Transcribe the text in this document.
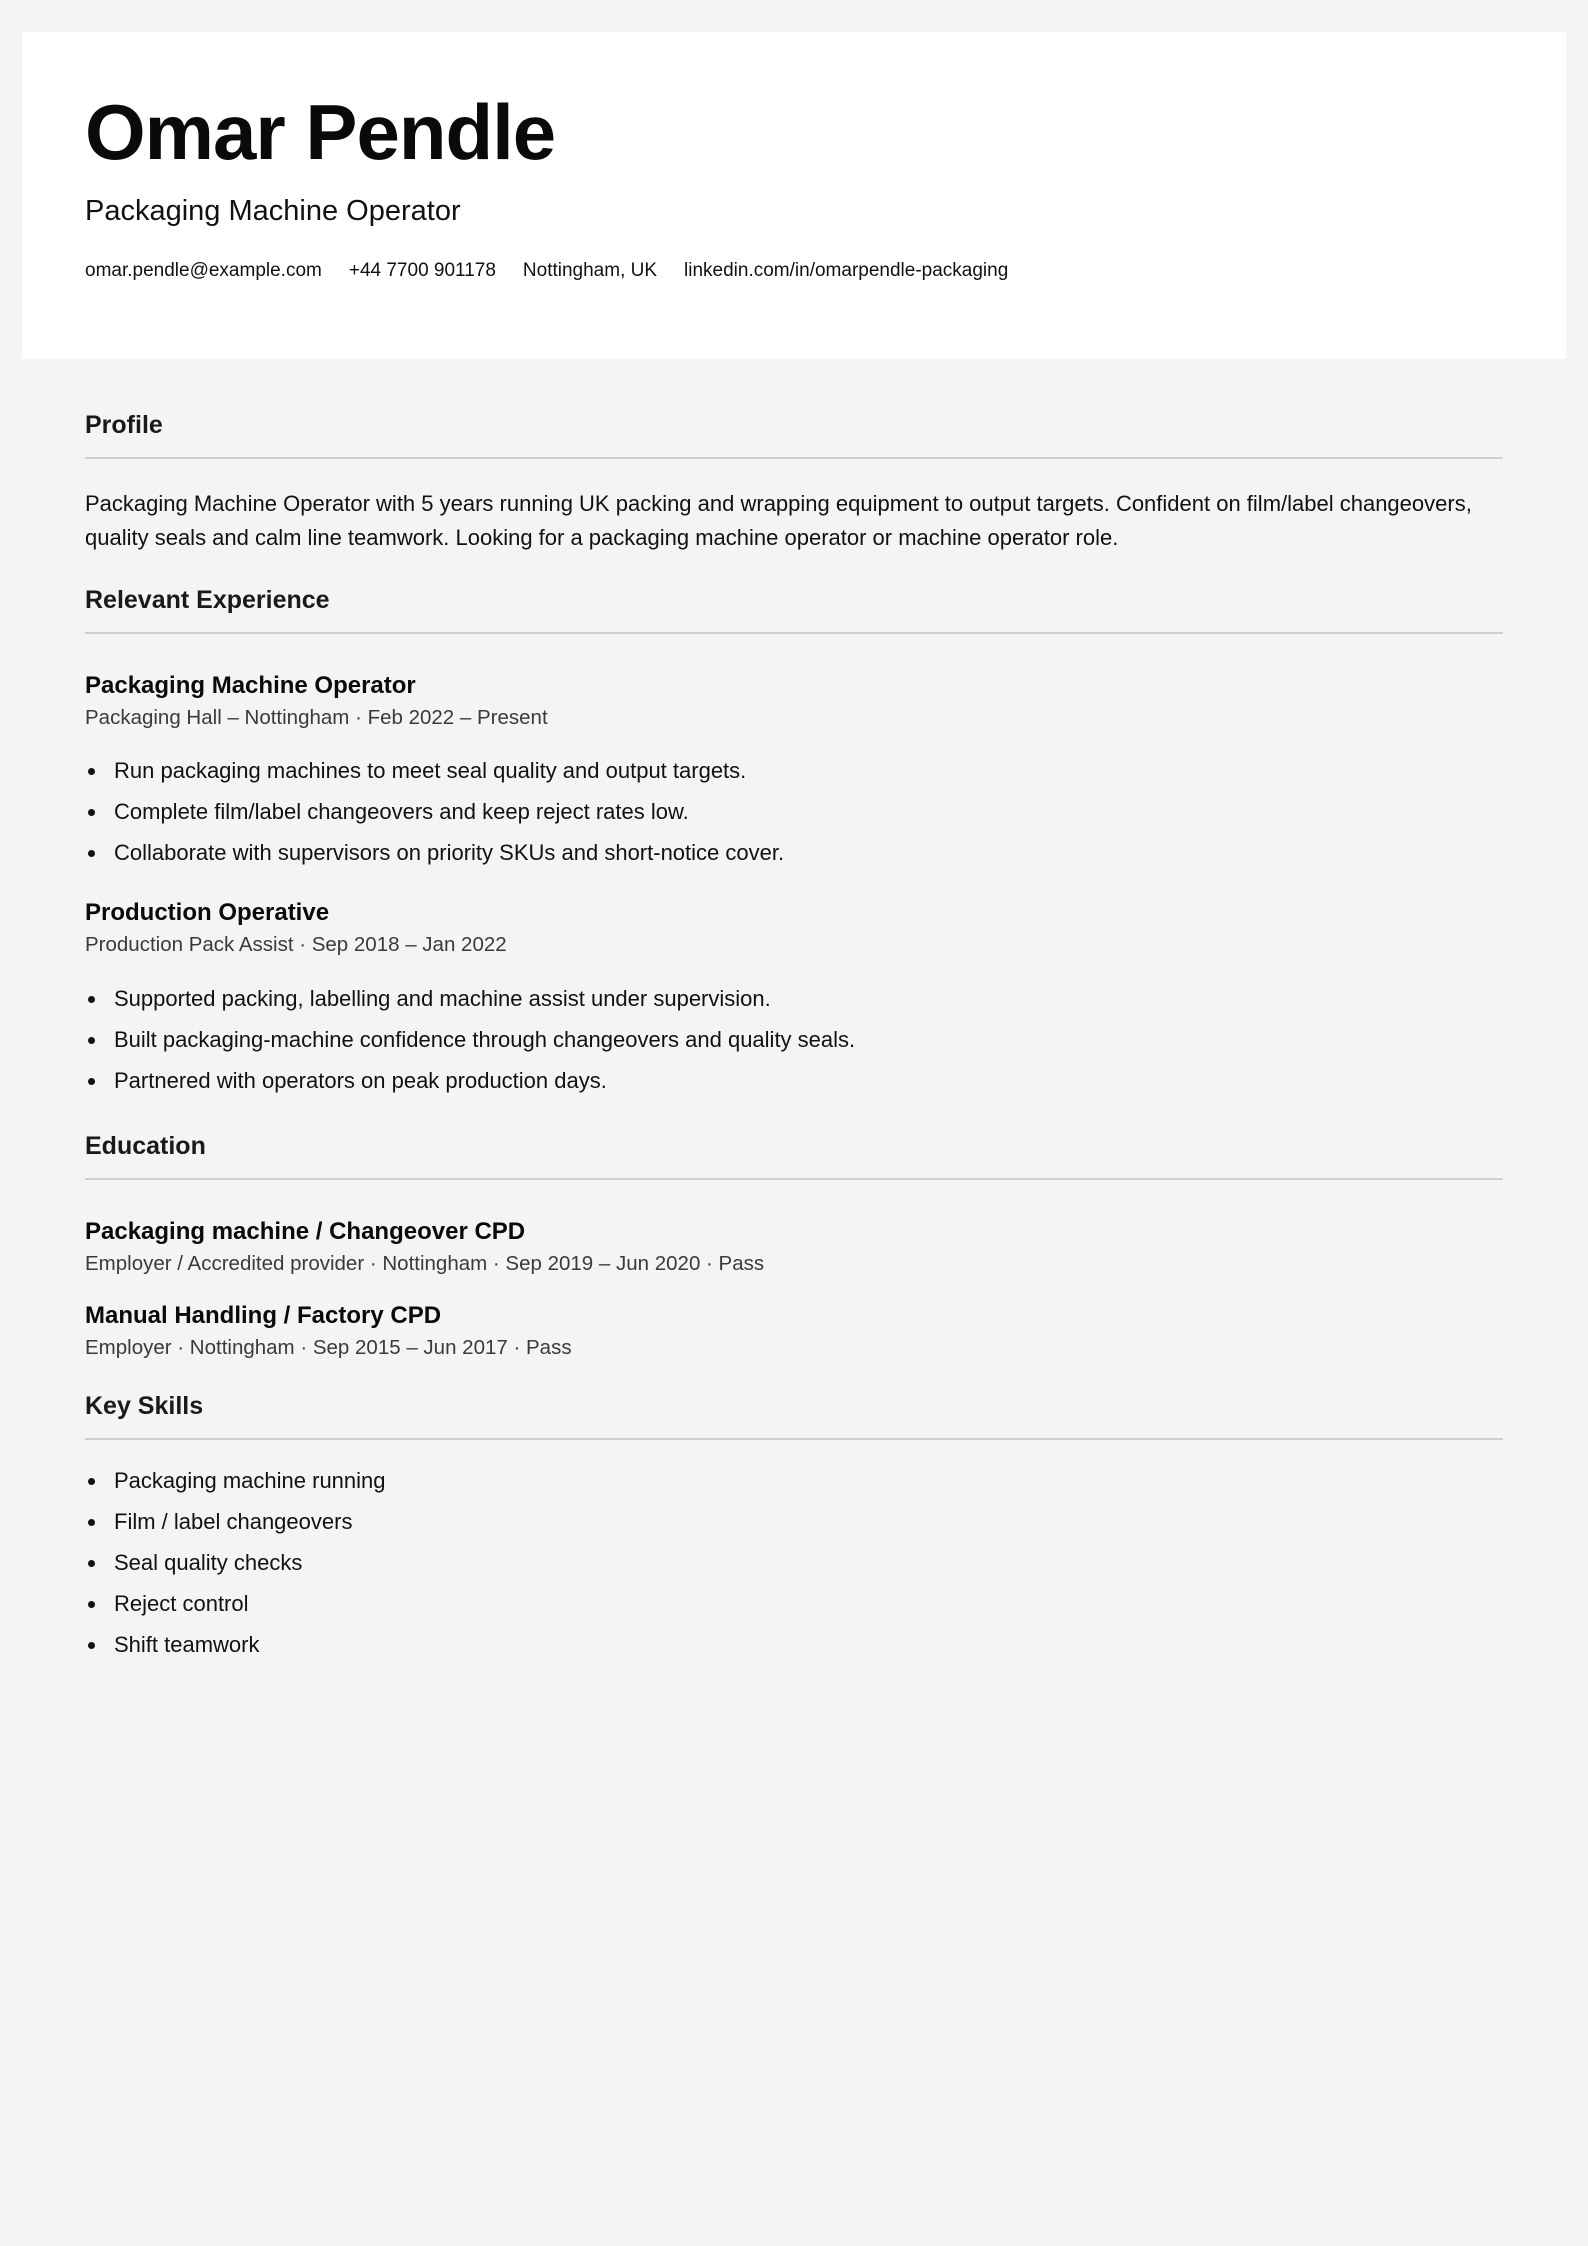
Omar Pendle
Packaging Machine Operator
omar.pendle@example.com +44 7700 901178 Nottingham, UK linkedin.com/in/omarpendle-packaging
Profile

Packaging Machine Operator with 5 years running UK packing and wrapping equipment to output targets. Confident on film/label changeovers, quality seals and calm line teamwork. Looking for a packaging machine operator or machine operator role.

Relevant Experience
Packaging Machine Operator
Packaging Hall – Nottingham · Feb 2022 – Present
Run packaging machines to meet seal quality and output targets.
Complete film/label changeovers and keep reject rates low.
Collaborate with supervisors on priority SKUs and short-notice cover.
Production Operative
Production Pack Assist · Sep 2018 – Jan 2022
Supported packing, labelling and machine assist under supervision.
Built packaging-machine confidence through changeovers and quality seals.
Partnered with operators on peak production days.
Education
Packaging machine / Changeover CPD
Employer / Accredited provider · Nottingham · Sep 2019 – Jun 2020 · Pass
Manual Handling / Factory CPD
Employer · Nottingham · Sep 2015 – Jun 2017 · Pass
Key Skills
Packaging machine running
Film / label changeovers
Seal quality checks
Reject control
Shift teamwork
